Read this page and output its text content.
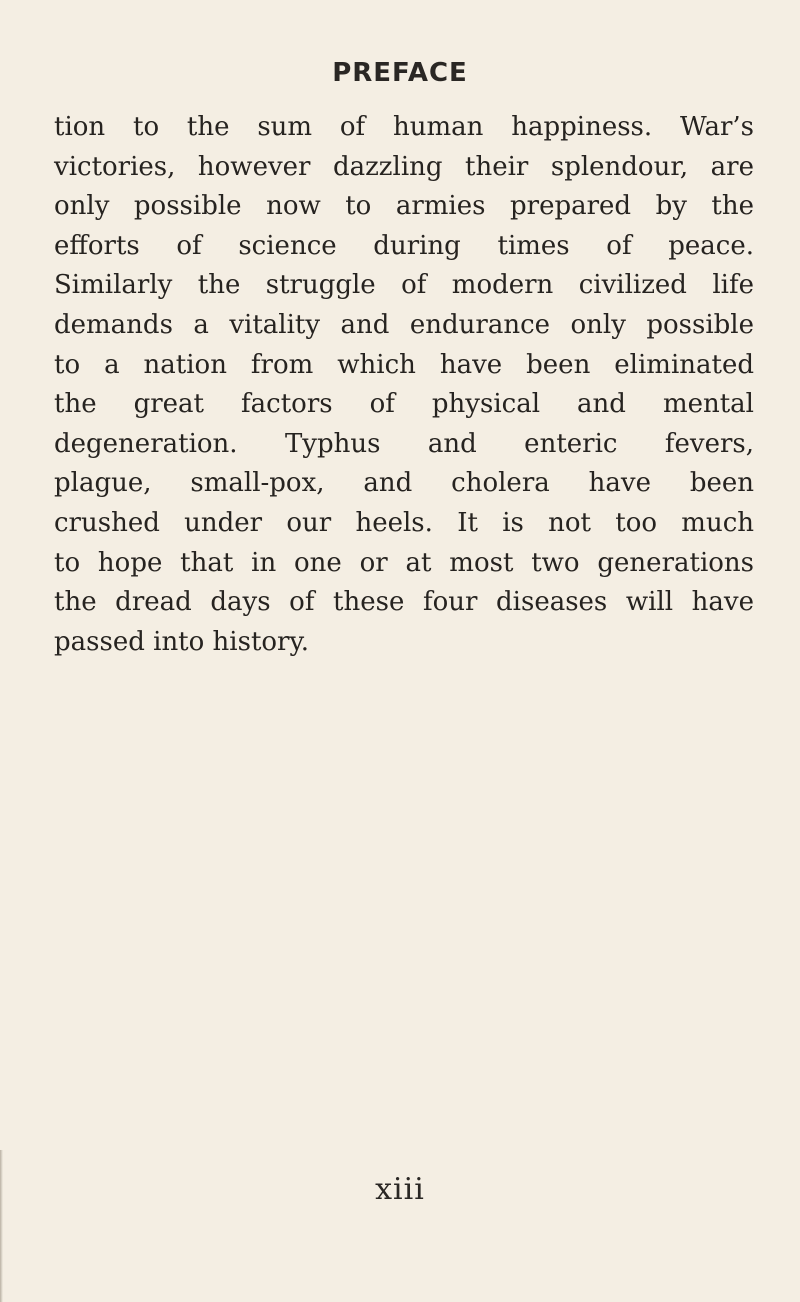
PREFACE

tion to the sum of human happiness. War’s
victories, however dazzling their splendour, are
only possible now to armies prepared by the
efforts of science during times of peace.
Similarly the struggle of modern civilized life
demands a vitality and endurance only possible
to a nation from which have been eliminated
the great factors of physical and mental
degeneration. Typhus and enteric fevers,
plague, small-pox, and cholera have been
crushed under our heels. It is not too much
to hope that in one or at most two generations
the dread days of these four diseases will have
passed into history.

xiii
